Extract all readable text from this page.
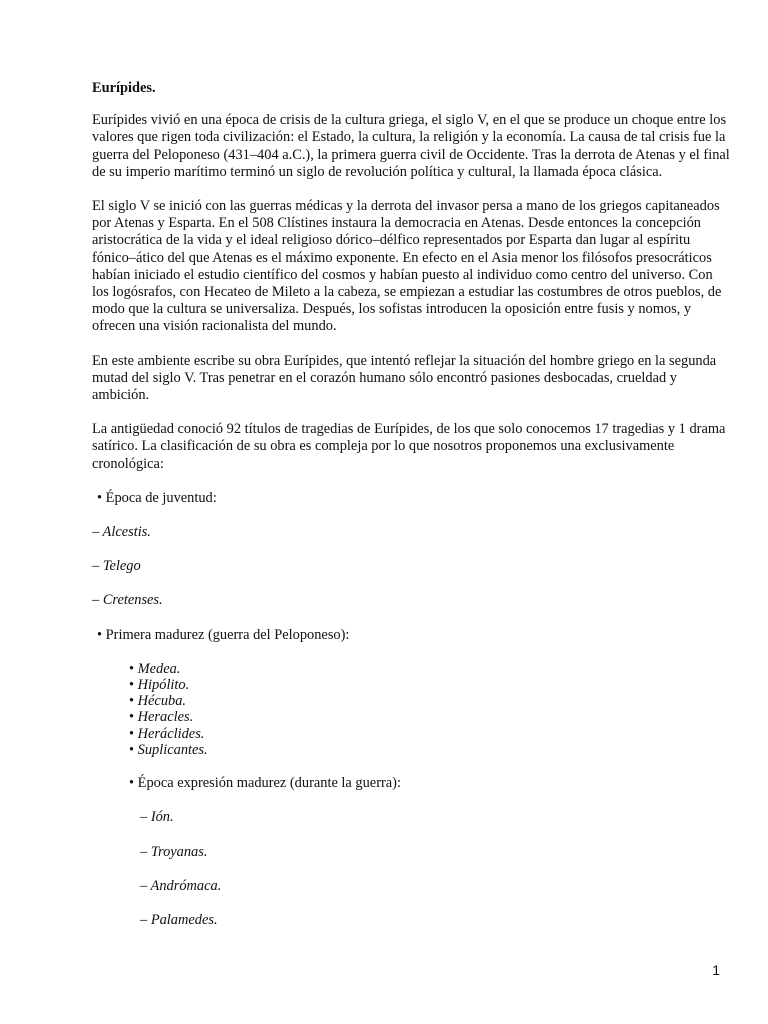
Eurípides.

Eurípides vivió en una época de crisis de la cultura griega, el siglo V, en el que se produce un choque entre los valores que rigen toda civilización: el Estado, la cultura, la religión y la economía. La causa de tal crisis fue la guerra del Peloponeso (431–404 a.C.), la primera guerra civil de Occidente. Tras la derrota de Atenas y el final de su imperio marítimo terminó un siglo de revolución política y cultural, la llamada época clásica.

El siglo V se inició con las guerras médicas y la derrota del invasor persa a mano de los griegos capitaneados por Atenas y Esparta. En el 508 Clístines instaura la democracia en Atenas. Desde entonces la concepción aristocrática de la vida y el ideal religioso dórico–délfico representados por Esparta dan lugar al espíritu fónico–ático del que Atenas es el máximo exponente. En efecto en el Asia menor los filósofos presocráticos habían iniciado el estudio científico del cosmos y habían puesto al individuo como centro del universo. Con los logósrafos, con Hecateo de Mileto a la cabeza, se empiezan a estudiar las costumbres de otros pueblos, de modo que la cultura se universaliza. Después, los sofistas introducen la oposición entre fusis y nomos, y ofrecen una visión racionalista del mundo.

En este ambiente escribe su obra Eurípides, que intentó reflejar la situación del hombre griego en la segunda mutad del siglo V. Tras penetrar en el corazón humano sólo encontró pasiones desbocadas, crueldad y ambición.

La antigüedad conoció 92 títulos de tragedias de Eurípides, de los que solo conocemos 17 tragedias y 1 drama satírico. La clasificación de su obra es compleja por lo que nosotros proponemos una exclusivamente cronológica:

• Época de juventud:

– Alcestis.

– Telego

– Cretenses.

• Primera madurez (guerra del Peloponeso):

• Medea.
• Hipólito.
• Hécuba.
• Heracles.
• Heráclides.
• Suplicantes.

• Época expresión madurez (durante la guerra):

– Ión.

– Troyanas.

– Andrómaca.

– Palamedes.

1
